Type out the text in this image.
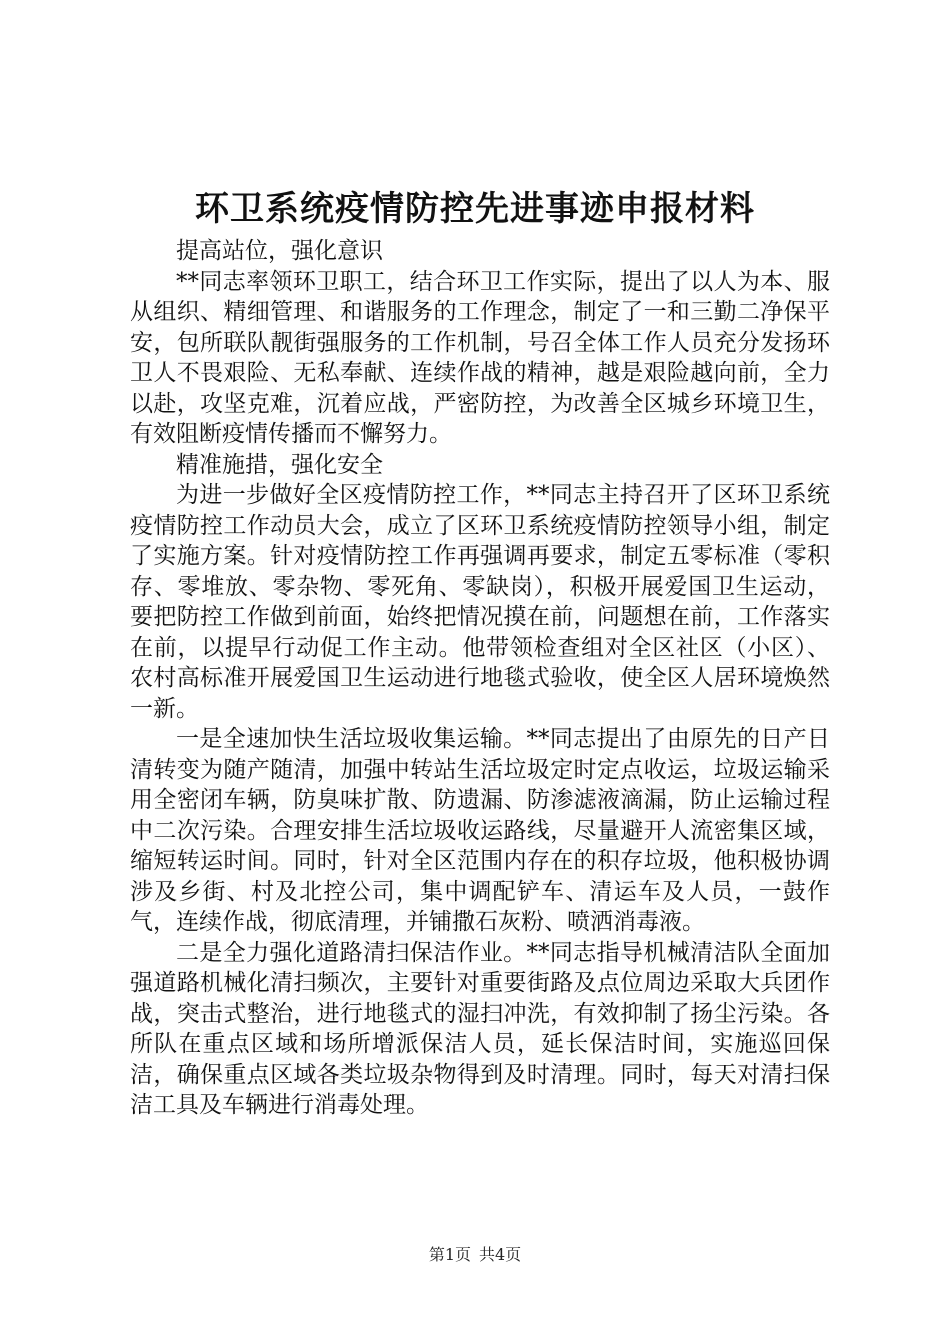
环卫系统疫情防控先进事迹申报材料

提高站位，强化意识

**同志率领环卫职工，结合环卫工作实际，提出了以人为本、服从组织、精细管理、和谐服务的工作理念，制定了一和三勤二净保平安，包所联队靓街强服务的工作机制，号召全体工作人员充分发扬环卫人不畏艰险、无私奉献、连续作战的精神，越是艰险越向前，全力以赴，攻坚克难，沉着应战，严密防控，为改善全区城乡环境卫生，有效阻断疫情传播而不懈努力。

精准施措，强化安全

为进一步做好全区疫情防控工作，**同志主持召开了区环卫系统疫情防控工作动员大会，成立了区环卫系统疫情防控领导小组，制定了实施方案。针对疫情防控工作再强调再要求，制定五零标准（零积存、零堆放、零杂物、零死角、零缺岗），积极开展爱国卫生运动，要把防控工作做到前面，始终把情况摸在前，问题想在前，工作落实在前，以提早行动促工作主动。他带领检查组对全区社区（小区）、农村高标准开展爱国卫生运动进行地毯式验收，使全区人居环境焕然一新。

一是全速加快生活垃圾收集运输。**同志提出了由原先的日产日清转变为随产随清，加强中转站生活垃圾定时定点收运，垃圾运输采用全密闭车辆，防臭味扩散、防遗漏、防渗滤液滴漏，防止运输过程中二次污染。合理安排生活垃圾收运路线，尽量避开人流密集区域，缩短转运时间。同时，针对全区范围内存在的积存垃圾，他积极协调涉及乡街、村及北控公司，集中调配铲车、清运车及人员，一鼓作气，连续作战，彻底清理，并铺撒石灰粉、喷洒消毒液。

二是全力强化道路清扫保洁作业。**同志指导机械清洁队全面加强道路机械化清扫频次，主要针对重要街路及点位周边采取大兵团作战，突击式整治，进行地毯式的湿扫冲洗，有效抑制了扬尘污染。各所队在重点区域和场所增派保洁人员，延长保洁时间，实施巡回保洁，确保重点区域各类垃圾杂物得到及时清理。同时，每天对清扫保洁工具及车辆进行消毒处理。

第1页 共4页
